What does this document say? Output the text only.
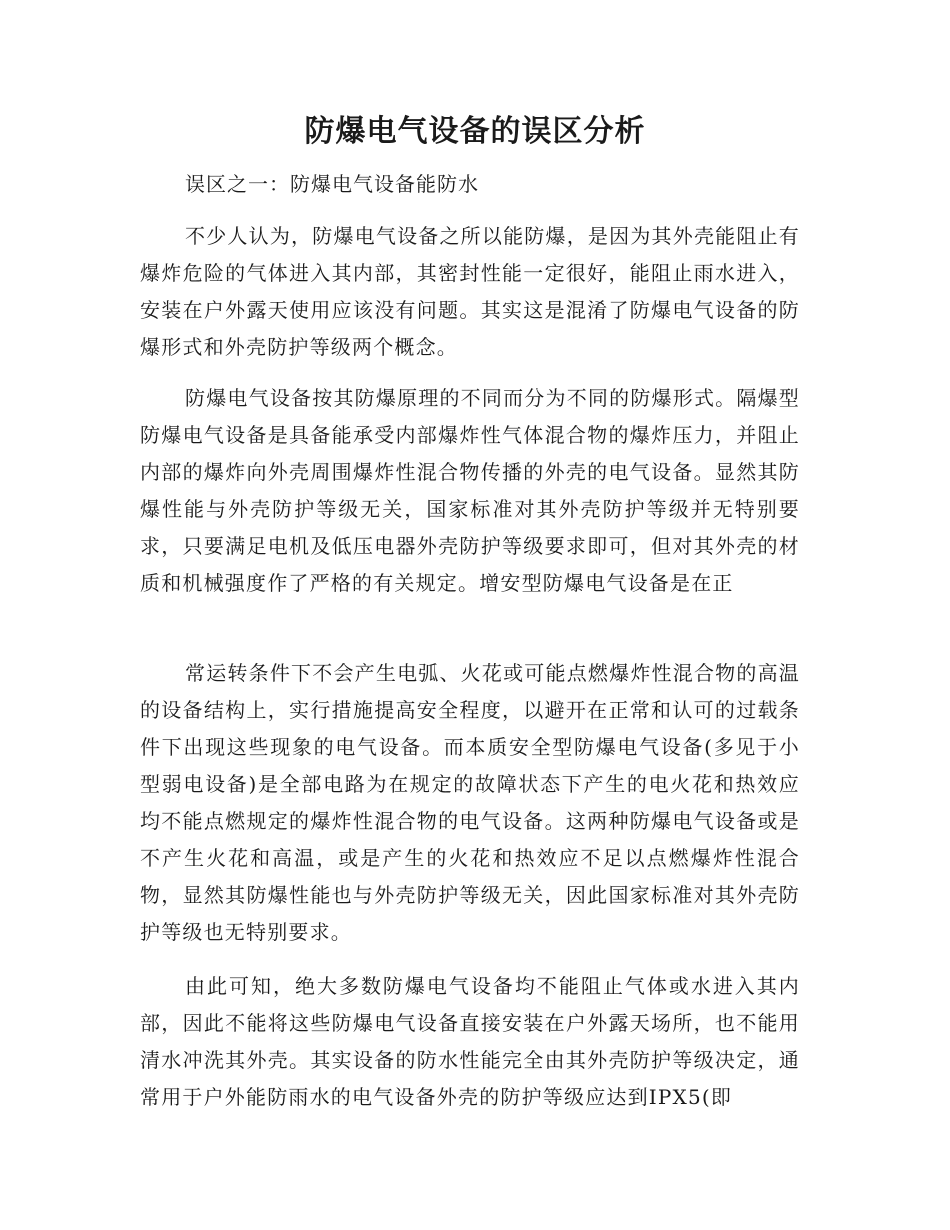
防爆电气设备的误区分析

误区之一：防爆电气设备能防水

不少人认为，防爆电气设备之所以能防爆，是因为其外壳能阻止有爆炸危险的气体进入其内部，其密封性能一定很好，能阻止雨水进入，安装在户外露天使用应该没有问题。其实这是混淆了防爆电气设备的防爆形式和外壳防护等级两个概念。

防爆电气设备按其防爆原理的不同而分为不同的防爆形式。隔爆型防爆电气设备是具备能承受内部爆炸性气体混合物的爆炸压力，并阻止内部的爆炸向外壳周围爆炸性混合物传播的外壳的电气设备。显然其防爆性能与外壳防护等级无关，国家标准对其外壳防护等级并无特别要求，只要满足电机及低压电器外壳防护等级要求即可，但对其外壳的材质和机械强度作了严格的有关规定。增安型防爆电气设备是在正

常运转条件下不会产生电弧、火花或可能点燃爆炸性混合物的高温的设备结构上，实行措施提高安全程度，以避开在正常和认可的过载条件下出现这些现象的电气设备。而本质安全型防爆电气设备(多见于小型弱电设备)是全部电路为在规定的故障状态下产生的电火花和热效应均不能点燃规定的爆炸性混合物的电气设备。这两种防爆电气设备或是不产生火花和高温，或是产生的火花和热效应不足以点燃爆炸性混合物，显然其防爆性能也与外壳防护等级无关，因此国家标准对其外壳防护等级也无特别要求。

由此可知，绝大多数防爆电气设备均不能阻止气体或水进入其内部，因此不能将这些防爆电气设备直接安装在户外露天场所，也不能用清水冲洗其外壳。其实设备的防水性能完全由其外壳防护等级决定，通常用于户外能防雨水的电气设备外壳的防护等级应达到IPX5(即
